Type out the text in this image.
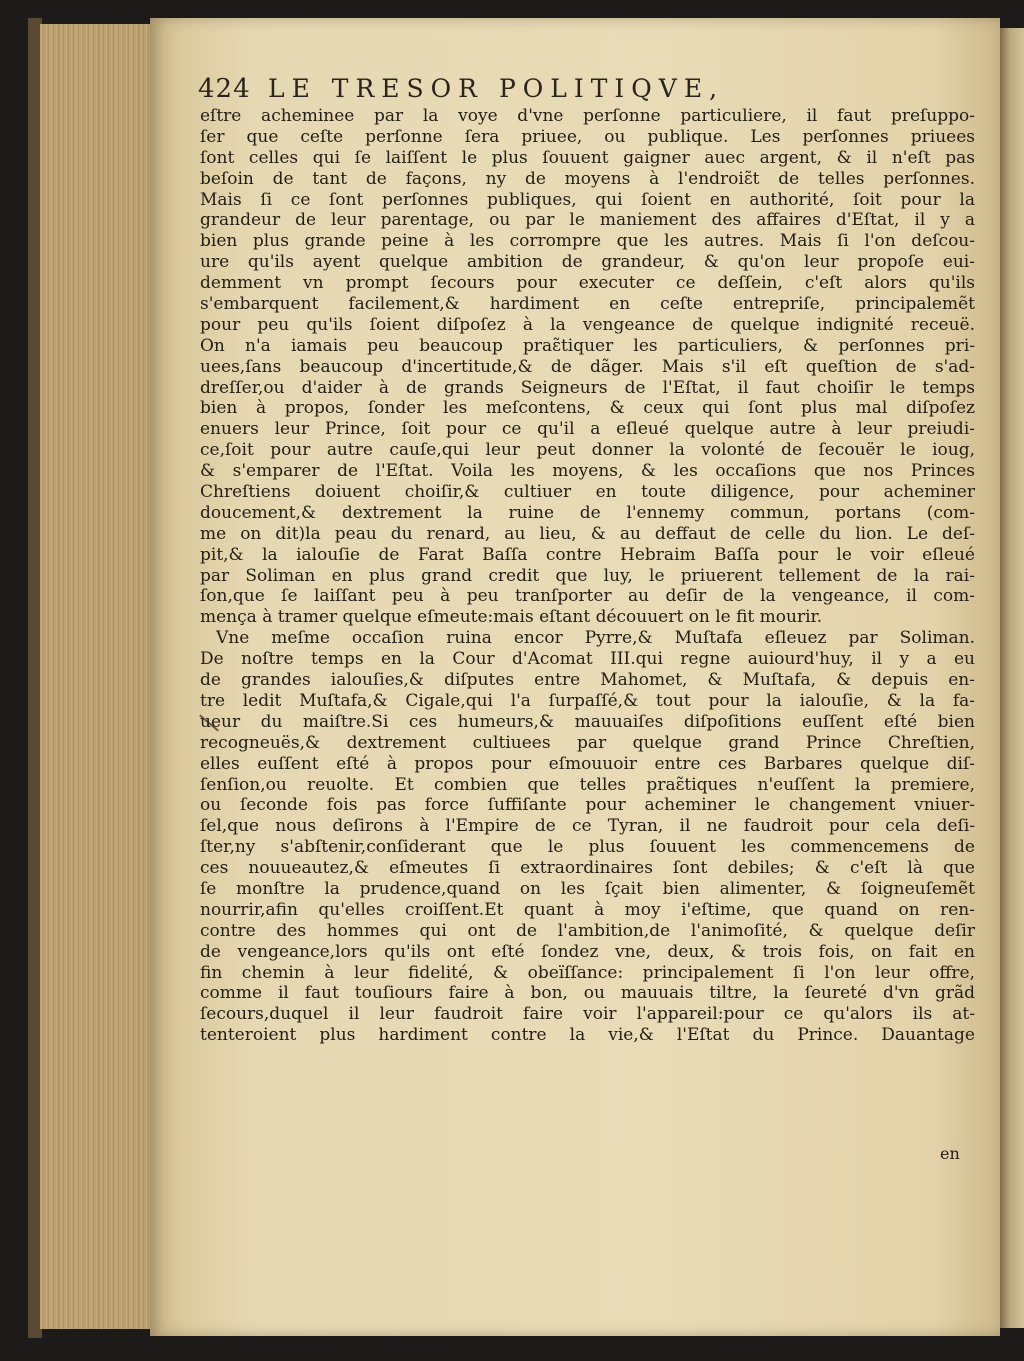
424 LE TRESOR POLITIQVE,
eſtre acheminee par la voye d'vne perſonne particuliere, il faut preſuppo-
ſer que ceſte perſonne ſera priuee, ou publique. Les perſonnes priuees
ſont celles qui ſe laiſſent le plus ſouuent gaigner auec argent, & il n'eſt pas
beſoin de tant de façons, ny de moyens à l'endroiɛ̃t de telles perſonnes.
Mais ſi ce ſont perſonnes publiques, qui ſoient en authorité, ſoit pour la
grandeur de leur parentage, ou par le maniement des affaires d'Eſtat, il y a
bien plus grande peine à les corrompre que les autres. Mais ſi l'on deſcou-
ure qu'ils ayent quelque ambition de grandeur, & qu'on leur propoſe eui-
demment vn prompt ſecours pour executer ce deſſein, c'eſt alors qu'ils
s'embarquent facilement,& hardiment en ceſte entrepriſe, principalemẽt
pour peu qu'ils ſoient diſpoſez à la vengeance de quelque indignité receuë.
On n'a iamais peu beaucoup praɛ̃tiquer les particuliers, & perſonnes pri-
uees,ſans beaucoup d'incertitude,& de dãger. Mais s'il eſt queſtion de s'ad-
dreſſer,ou d'aider à de grands Seigneurs de l'Eſtat, il faut choiſir le temps
bien à propos, ſonder les meſcontens, & ceux qui ſont plus mal diſpoſez
enuers leur Prince, ſoit pour ce qu'il a eſleué quelque autre à leur preiudi-
ce,ſoit pour autre cauſe,qui leur peut donner la volonté de ſecouër le ioug,
& s'emparer de l'Eſtat. Voila les moyens, & les occaſions que nos Princes
Chreſtiens doiuent choiſir,& cultiuer en toute diligence, pour acheminer
doucement,& dextrement la ruine de l'ennemy commun, portans (com-
me on dit)la peau du renard, au lieu, & au deffaut de celle du lion. Le deſ-
pit,& la ialouſie de Farat Baſſa contre Hebraim Baſſa pour le voir eſleué
par Soliman en plus grand credit que luy, le priuerent tellement de la rai-
ſon,que ſe laiſſant peu à peu tranſporter au deſir de la vengeance, il com-
mença à tramer quelque eſmeute:mais eſtant découuert on le fit mourir.
Vne meſme occaſion ruina encor Pyrre,& Muſtafa eſleuez par Soliman.
De noſtre temps en la Cour d'Acomat III.qui regne auiourd'huy, il y a eu
de grandes ialouſies,& diſputes entre Mahomet, & Muſtafa, & depuis en-
tre ledit Muſtafa,& Cigale,qui l'a ſurpaſſé,& tout pour la ialouſie, & la fa-
ueur du maiſtre.Si ces humeurs,& mauuaiſes diſpoſitions euſſent eſté bien
recogneuës,& dextrement cultiuees par quelque grand Prince Chreſtien,
elles euſſent eſté à propos pour eſmouuoir entre ces Barbares quelque diſ-
ſenſion,ou reuolte. Et combien que telles praɛ̃tiques n'euſſent la premiere,
ou ſeconde fois pas force ſuffiſante pour acheminer le changement vniuer-
ſel,que nous deſirons à l'Empire de ce Tyran, il ne faudroit pour cela deſi-
ſter,ny s'abſtenir,conſiderant que le plus ſouuent les commencemens de
ces nouueautez,& eſmeutes ſi extraordinaires ſont debiles; & c'eſt là que
ſe monſtre la prudence,quand on les ſçait bien alimenter, & ſoigneuſemẽt
nourrir,afin qu'elles croiſſent.Et quant à moy i'eſtime, que quand on ren-
contre des hommes qui ont de l'ambition,de l'animoſité, & quelque deſir
de vengeance,lors qu'ils ont eſté ſondez vne, deux, & trois fois, on fait en
fin chemin à leur fidelité, & obeïſſance: principalement ſi l'on leur offre,
comme il faut touſiours faire à bon, ou mauuais tiltre, la ſeureté d'vn grãd
ſecours,duquel il leur faudroit faire voir l'appareil:pour ce qu'alors ils at-
tenteroient plus hardiment contre la vie,& l'Eſtat du Prince. Dauantage
en
